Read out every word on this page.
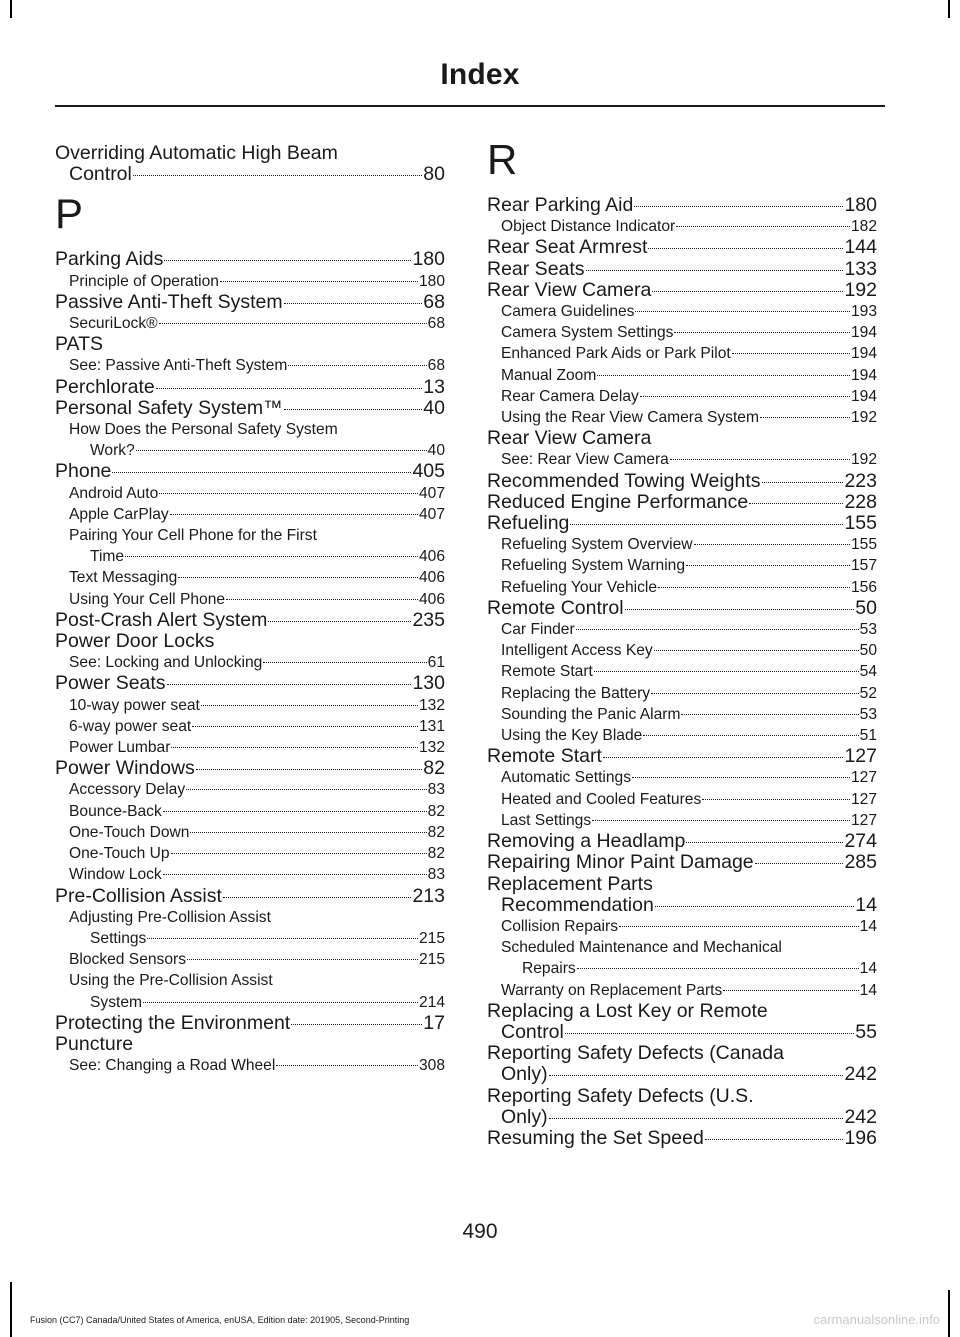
Index
Overriding Automatic High Beam
Control	80
P
Parking Aids	180
Principle of Operation	180
Passive Anti-Theft System	68
SecuriLock®	68
PATS
See: Passive Anti-Theft System	68
Perchlorate	13
Personal Safety System™	40
How Does the Personal Safety System
Work?	40
Phone	405
Android Auto	407
Apple CarPlay	407
Pairing Your Cell Phone for the First
Time	406
Text Messaging	406
Using Your Cell Phone	406
Post-Crash Alert System	235
Power Door Locks
See: Locking and Unlocking	61
Power Seats	130
10-way power seat	132
6-way power seat	131
Power Lumbar	132
Power Windows	82
Accessory Delay	83
Bounce-Back	82
One-Touch Down	82
One-Touch Up	82
Window Lock	83
Pre-Collision Assist	213
Adjusting Pre-Collision Assist
Settings	215
Blocked Sensors	215
Using the Pre-Collision Assist
System	214
Protecting the Environment	17
Puncture
See: Changing a Road Wheel	308
R
Rear Parking Aid	180
Object Distance Indicator	182
Rear Seat Armrest	144
Rear Seats	133
Rear View Camera	192
Camera Guidelines	193
Camera System Settings	194
Enhanced Park Aids or Park Pilot	194
Manual Zoom	194
Rear Camera Delay	194
Using the Rear View Camera System	192
Rear View Camera
See: Rear View Camera	192
Recommended Towing Weights	223
Reduced Engine Performance	228
Refueling	155
Refueling System Overview	155
Refueling System Warning	157
Refueling Your Vehicle	156
Remote Control	50
Car Finder	53
Intelligent Access Key	50
Remote Start	54
Replacing the Battery	52
Sounding the Panic Alarm	53
Using the Key Blade	51
Remote Start	127
Automatic Settings	127
Heated and Cooled Features	127
Last Settings	127
Removing a Headlamp	274
Repairing Minor Paint Damage	285
Replacement Parts
Recommendation	14
Collision Repairs	14
Scheduled Maintenance and Mechanical
Repairs	14
Warranty on Replacement Parts	14
Replacing a Lost Key or Remote
Control	55
Reporting Safety Defects (Canada
Only)	242
Reporting Safety Defects (U.S.
Only)	242
Resuming the Set Speed	196
490
Fusion (CC7) Canada/United States of America, enUSA, Edition date: 201905, Second-Printing	carmanualsonline.info
